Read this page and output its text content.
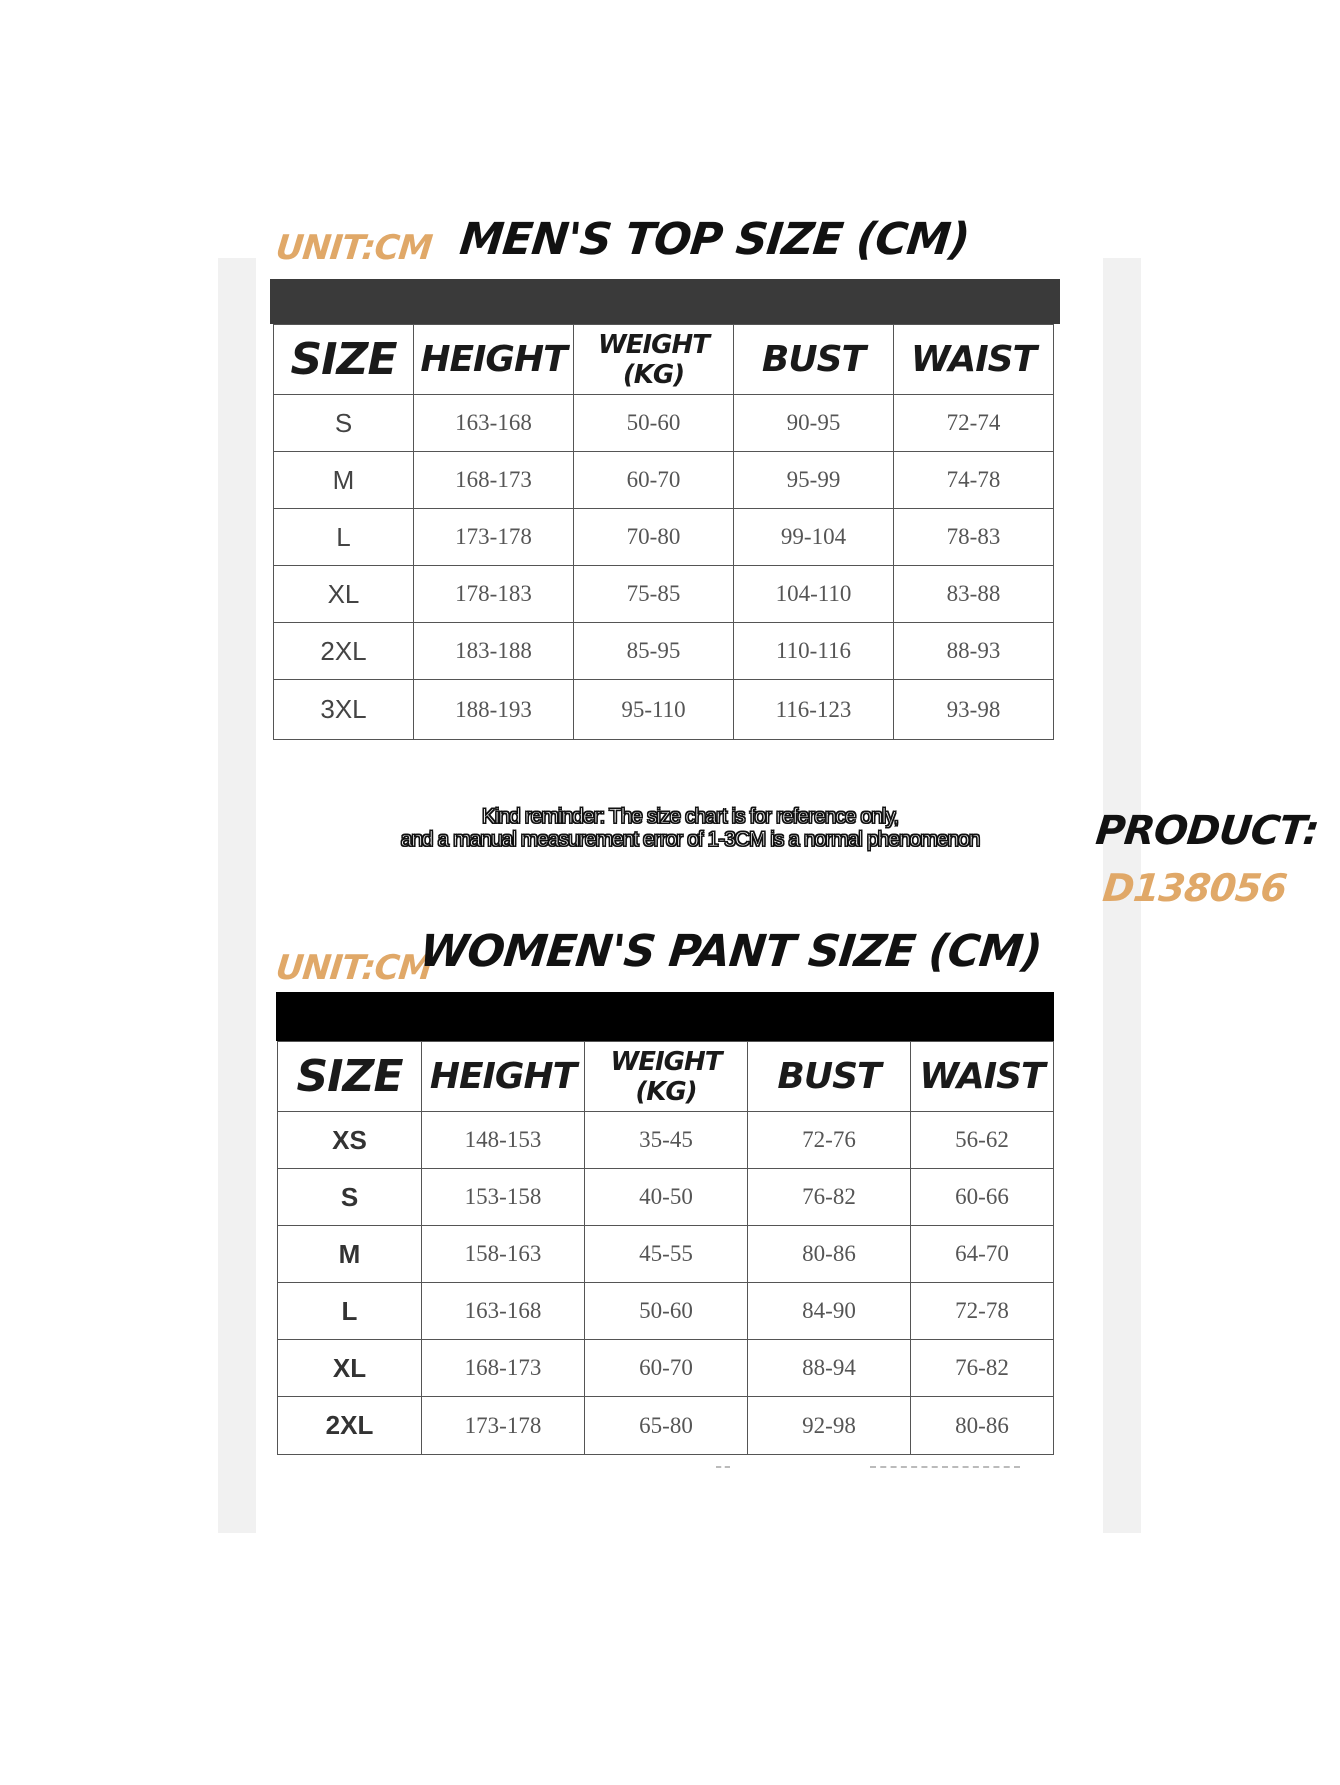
UNIT:CM MEN'S TOP SIZE (CM)
SIZE	HEIGHT	WEIGHT (KG)	BUST	WAIST
S	163-168	50-60	90-95	72-74
M	168-173	60-70	95-99	74-78
L	173-178	70-80	99-104	78-83
XL	178-183	75-85	104-110	83-88
2XL	183-188	85-95	110-116	88-93
3XL	188-193	95-110	116-123	93-98
Kind reminder: The size chart is for reference only,
and a manual measurement error of 1-3CM is a normal phenomenon	PRODUCT:
D138056
UNIT:CM
WOMEN'S PANT SIZE (CM)
SIZE	HEIGHT	WEIGHT (KG)	BUST	WAIST
XS	148-153	35-45	72-76	56-62
S	153-158	40-50	76-82	60-66
M	158-163	45-55	80-86	64-70
L	163-168	50-60	84-90	72-78
XL	168-173	60-70	88-94	76-82
2XL	173-178	65-80	92-98	80-86
